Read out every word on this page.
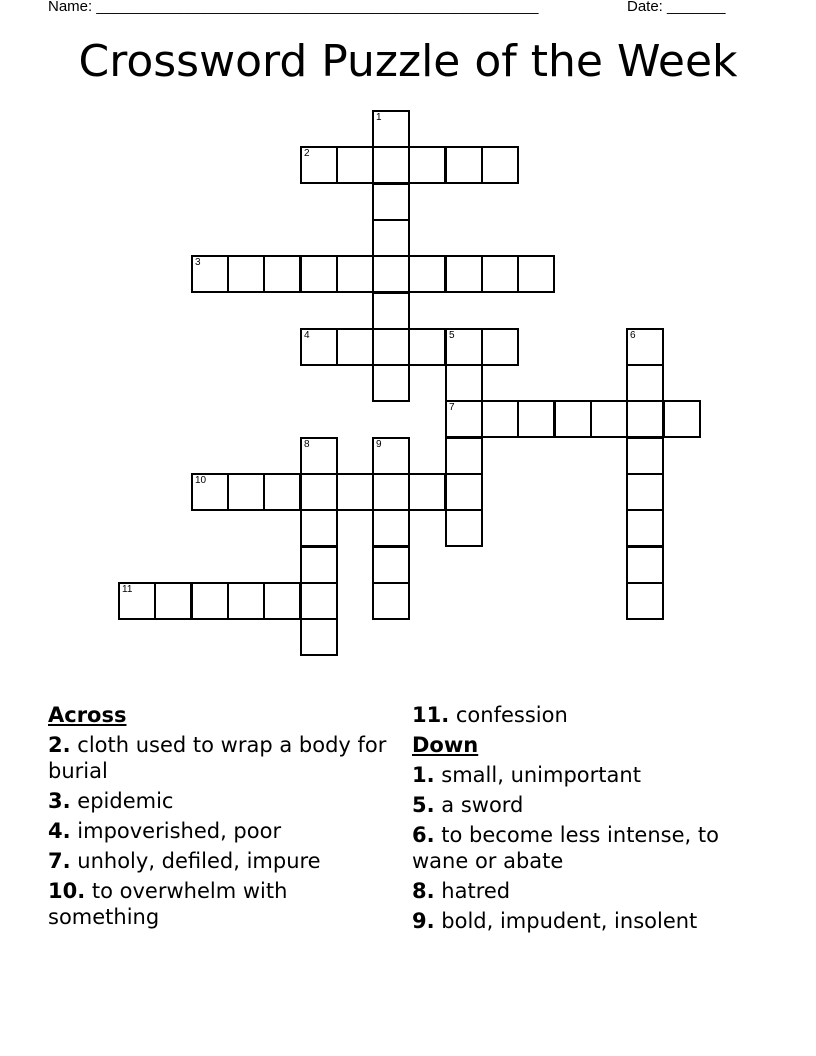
Name: _____________________________________________________	Date: _______
Crossword Puzzle of the Week
1
2
3
4	5
7
6
8	9
10
11
Across
2. cloth used to wrap a body for burial
3. epidemic
4. impoverished, poor
7. unholy, defiled, impure
10. to overwhelm with something
11. confession
Down
1. small, unimportant
5. a sword
6. to become less intense, to wane or abate
8. hatred
9. bold, impudent, insolent
